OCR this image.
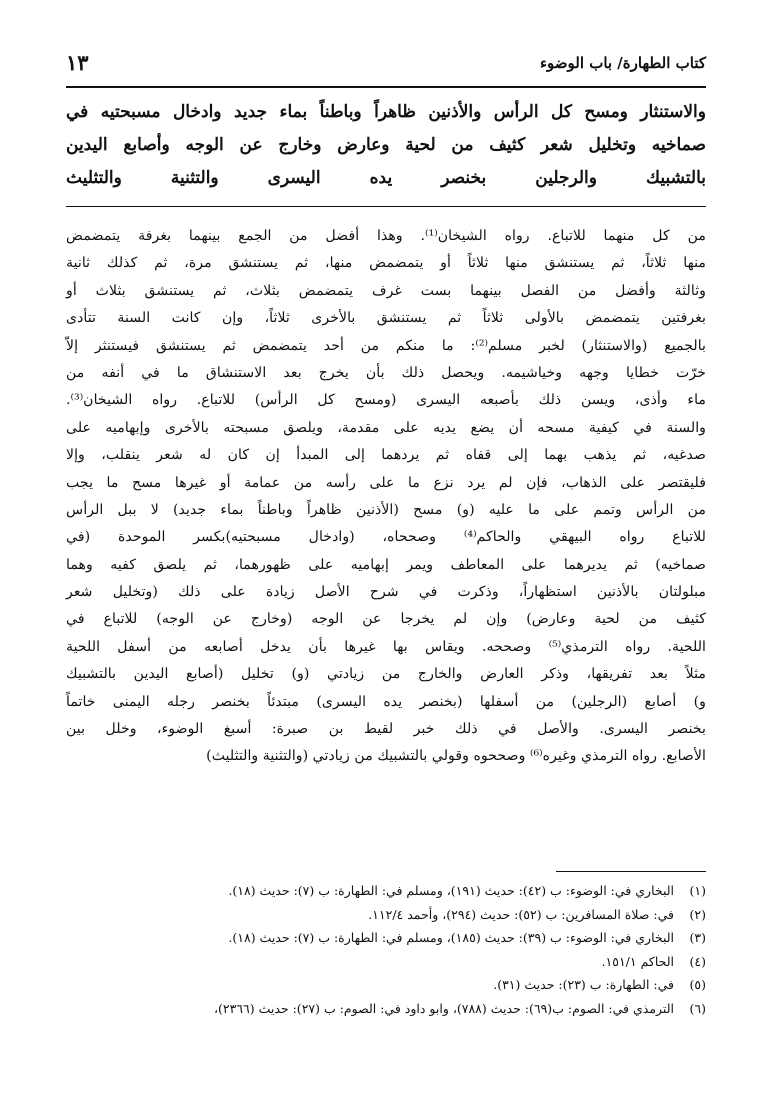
كتاب الطهارة/ باب الوضوء
١٣
والاستنثار ومسح كل الرأس والأذنين ظاهراً وباطناً بماء جديد وادخال مسبحتيه في
صماخيه وتخليل شعر كثيف من لحية وعارض وخارج عن الوجه وأصابع اليدين
بالتشبيك والرجلين بخنصر يده اليسرى والتثنية والتثليث
من كل منهما للاتباع. رواه الشيخان⁽¹⁾. وهذا أفضل من الجمع بينهما بغرفة يتمضمض
منها ثلاثاً، ثم يستنشق منها ثلاثاً أو يتمضمض منها، ثم يستنشق مرة، ثم كذلك ثانية
وثالثة وأفضل من الفصل بينهما بست غرف يتمضمض بثلاث، ثم يستنشق بثلاث أو
بغرفتين يتمضمض بالأولى ثلاثاً ثم يستنشق بالأخرى ثلاثاً، وإن كانت السنة تتأدى
بالجميع (والاستنثار) لخبر مسلم⁽²⁾: ما منكم من أحد يتمضمض ثم يستنشق فيستنثر إلاّ
خرّت خطايا وجهه وخياشيمه. ويحصل ذلك بأن يخرج بعد الاستنشاق ما في أنفه من
ماء وأذى، ويسن ذلك بأصبعه اليسرى (ومسح كل الرأس) للاتباع. رواه الشيخان⁽³⁾.
والسنة في كيفية مسحه أن يضع يديه على مقدمة، ويلصق مسبحته بالأخرى وإبهاميه على
صدغيه، ثم يذهب بهما إلى قفاه ثم يردهما إلى المبدأ إن كان له شعر ينقلب، وإلا
فليقتصر على الذهاب، فإن لم يرد نزع ما على رأسه من عمامة أو غيرها مسح ما يجب
من الرأس وتمم على ما عليه (و) مسح (الأذنين ظاهراً وباطناً بماء جديد) لا ببل الرأس
للاتباع رواه البيهقي والحاكم⁽⁴⁾ وصححاه، (وادخال مسبحتيه)بكسر الموحدة (في
صماخيه) ثم يديرهما على المعاطف ويمر إبهاميه على ظهورهما، ثم يلصق كفيه وهما
مبلولتان بالأذنين استظهاراً، وذكرت في شرح الأصل زيادة على ذلك (وتخليل شعر
كثيف من لحية وعارض) وإن لم يخرجا عن الوجه (وخارج عن الوجه) للاتباع في
اللحية. رواه الترمذي⁽⁵⁾ وصححه. ويقاس بها غيرها بأن يدخل أصابعه من أسفل اللحية
مثلاً بعد تفريقها، وذكر العارض والخارج من زيادتي (و) تخليل (أصابع اليدين بالتشبيك
و) أصابع (الرجلين) من أسفلها (بخنصر يده اليسرى) مبتدئاً بخنصر رجله اليمنى خاتماً
بخنصر اليسرى. والأصل في ذلك خبر لقيط بن صبرة: أسبغ الوضوء، وخلل بين
الأصابع. رواه الترمذي وغيره⁽⁶⁾ وصححوه وقولي بالتشبيك من زيادتي (والتثنية والتثليث)
(١)
البخاري في: الوضوء: ب (٤٢): حديث (١٩١)، ومسلم في: الطهارة: ب (٧): حديث (١٨).
(٢)
في: صلاة المسافرين: ب (٥٢): حديث (٢٩٤)، وأحمد ١١٢/٤.
(٣)
البخاري في: الوضوء: ب (٣٩): حديث (١٨٥)، ومسلم في: الطهارة: ب (٧): حديث (١٨).
(٤)
الحاكم ١٥١/١.
(٥)
في: الطهارة: ب (٢٣): حديث (٣١).
(٦)
الترمذي في: الصوم: ب(٦٩): حديث (٧٨٨)، وابو داود في: الصوم: ب (٢٧): حديث (٢٣٦٦)،
